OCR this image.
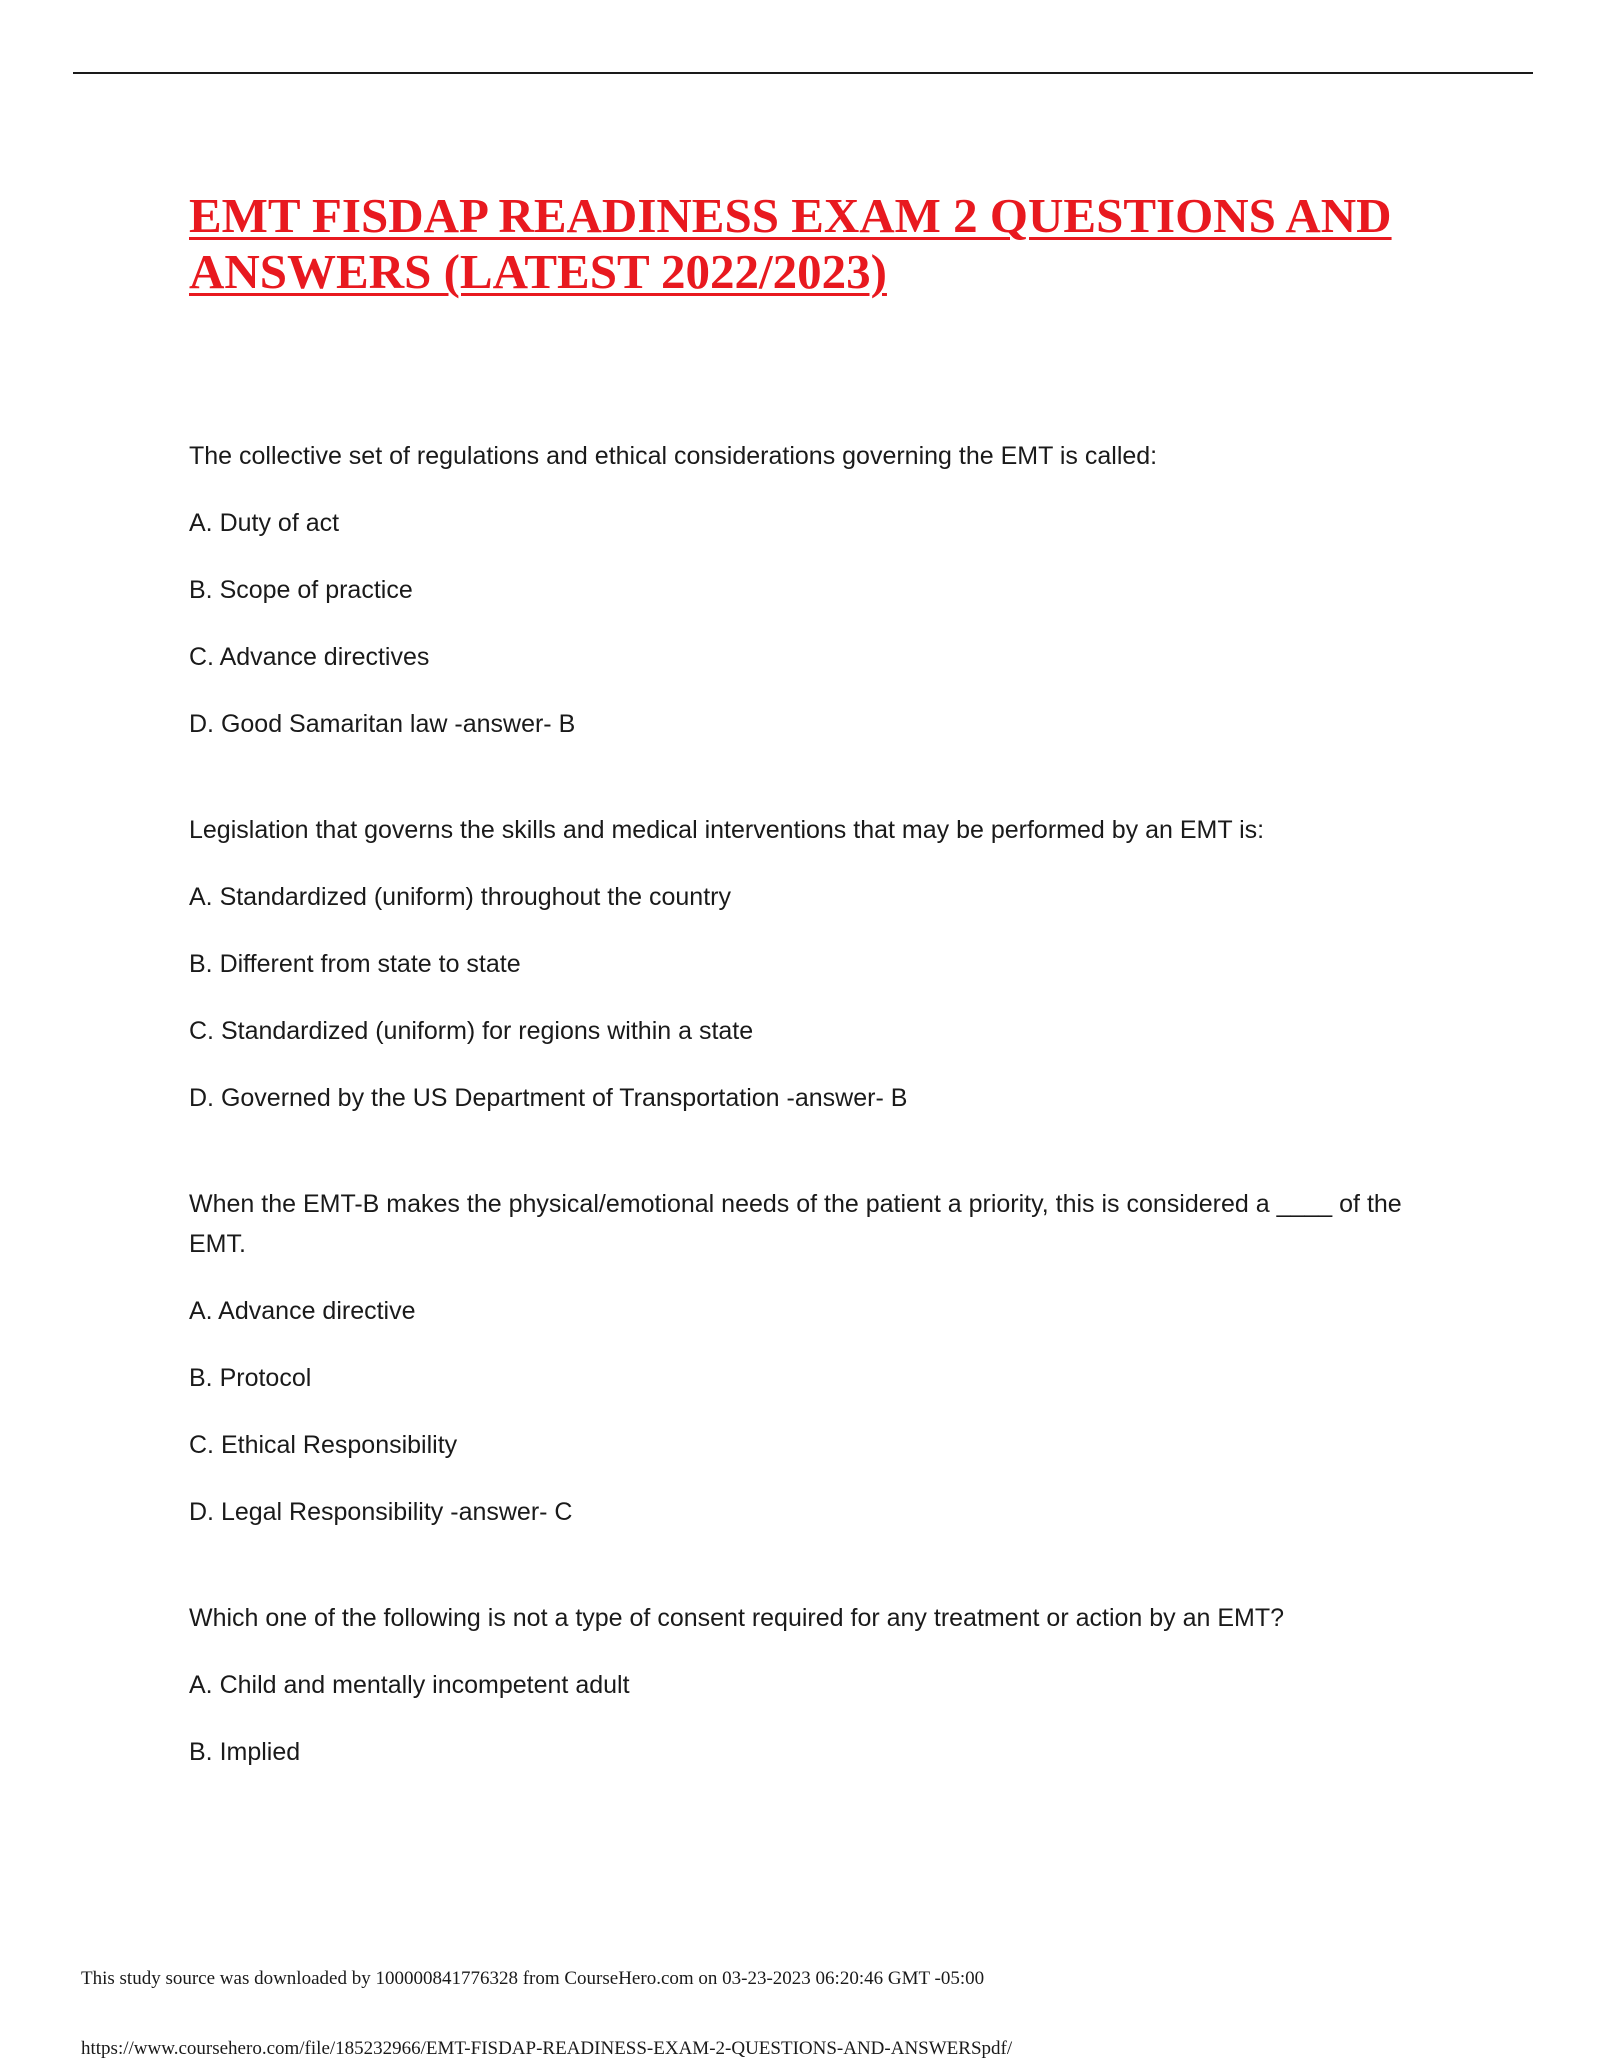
EMT FISDAP READINESS EXAM 2 QUESTIONS AND ANSWERS (LATEST 2022/2023)

The collective set of regulations and ethical considerations governing the EMT is called:

A. Duty of act

B. Scope of practice

C. Advance directives

D. Good Samaritan law -answer- B

Legislation that governs the skills and medical interventions that may be performed by an EMT is:

A. Standardized (uniform) throughout the country

B. Different from state to state

C. Standardized (uniform) for regions within a state

D. Governed by the US Department of Transportation -answer- B

When the EMT-B makes the physical/emotional needs of the patient a priority, this is considered a ____ of the EMT.

A. Advance directive

B. Protocol

C. Ethical Responsibility

D. Legal Responsibility -answer- C

Which one of the following is not a type of consent required for any treatment or action by an EMT?

A. Child and mentally incompetent adult

B. Implied

This study source was downloaded by 100000841776328 from CourseHero.com on 03-23-2023 06:20:46 GMT -05:00
https://www.coursehero.com/file/185232966/EMT-FISDAP-READINESS-EXAM-2-QUESTIONS-AND-ANSWERSpdf/
